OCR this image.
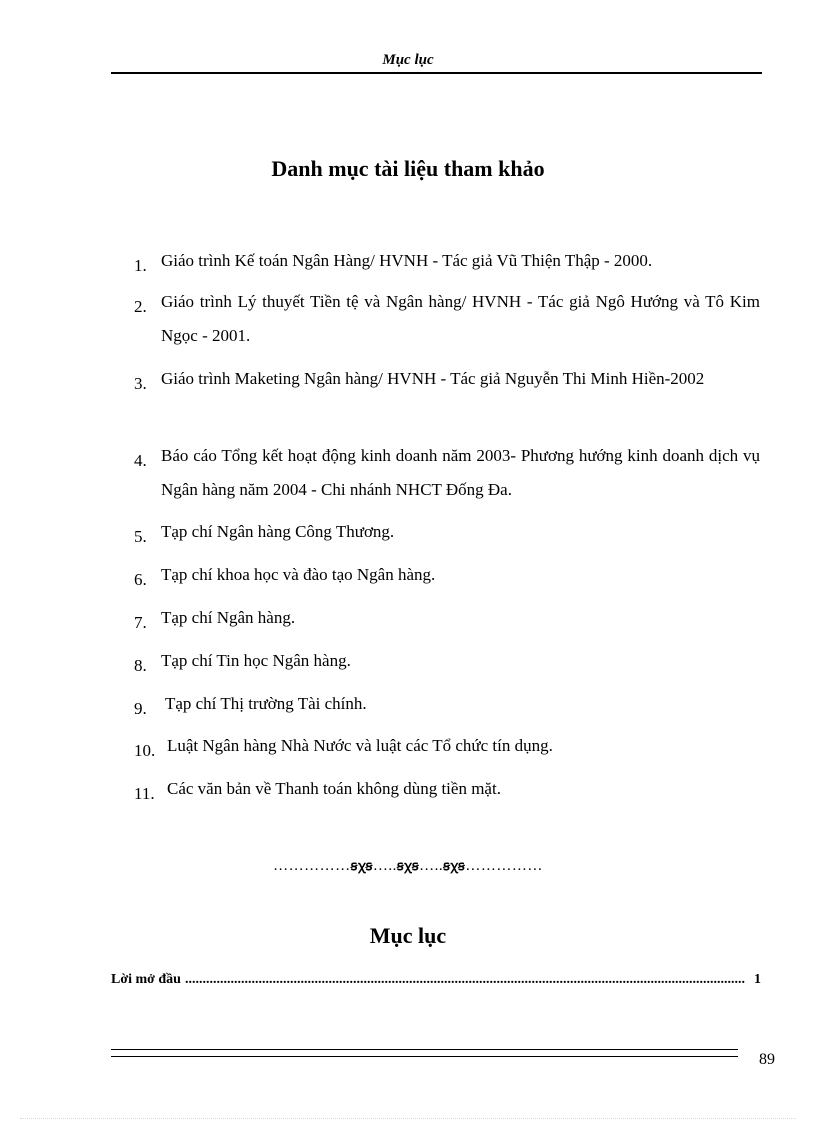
Mục lục
Danh mục tài liệu tham khảo
1. Giáo trình Kế toán Ngân Hàng/ HVNH - Tác giả Vũ Thiện Thập - 2000.
2. Giáo trình Lý thuyết Tiền tệ và Ngân hàng/ HVNH - Tác giả Ngô Hướng và Tô Kim Ngọc - 2001.
3. Giáo trình Maketing Ngân hàng/ HVNH - Tác giả Nguyễn Thi Minh Hiền-2002
4. Báo cáo Tổng kết hoạt động kinh doanh năm 2003- Phương hướng kinh doanh dịch vụ Ngân hàng năm 2004 - Chi nhánh NHCT Đống Đa.
5. Tạp chí Ngân hàng Công Thương.
6. Tạp chí khoa học và đào tạo Ngân hàng.
7. Tạp chí Ngân hàng.
8. Tạp chí Tin học Ngân hàng.
9. Tạp chí Thị trường Tài chính.
10. Luật Ngân hàng Nhà Nước và luật các Tổ chức tín dụng.
11. Các văn bản về Thanh toán không dùng tiền mặt.
……………ꞩꭓꞩ…..ꞩꭓꞩ…..ꞩꭓꞩ……………
Mục lục
Lời mở đầu ................................................................................................................................................................ 1
89
